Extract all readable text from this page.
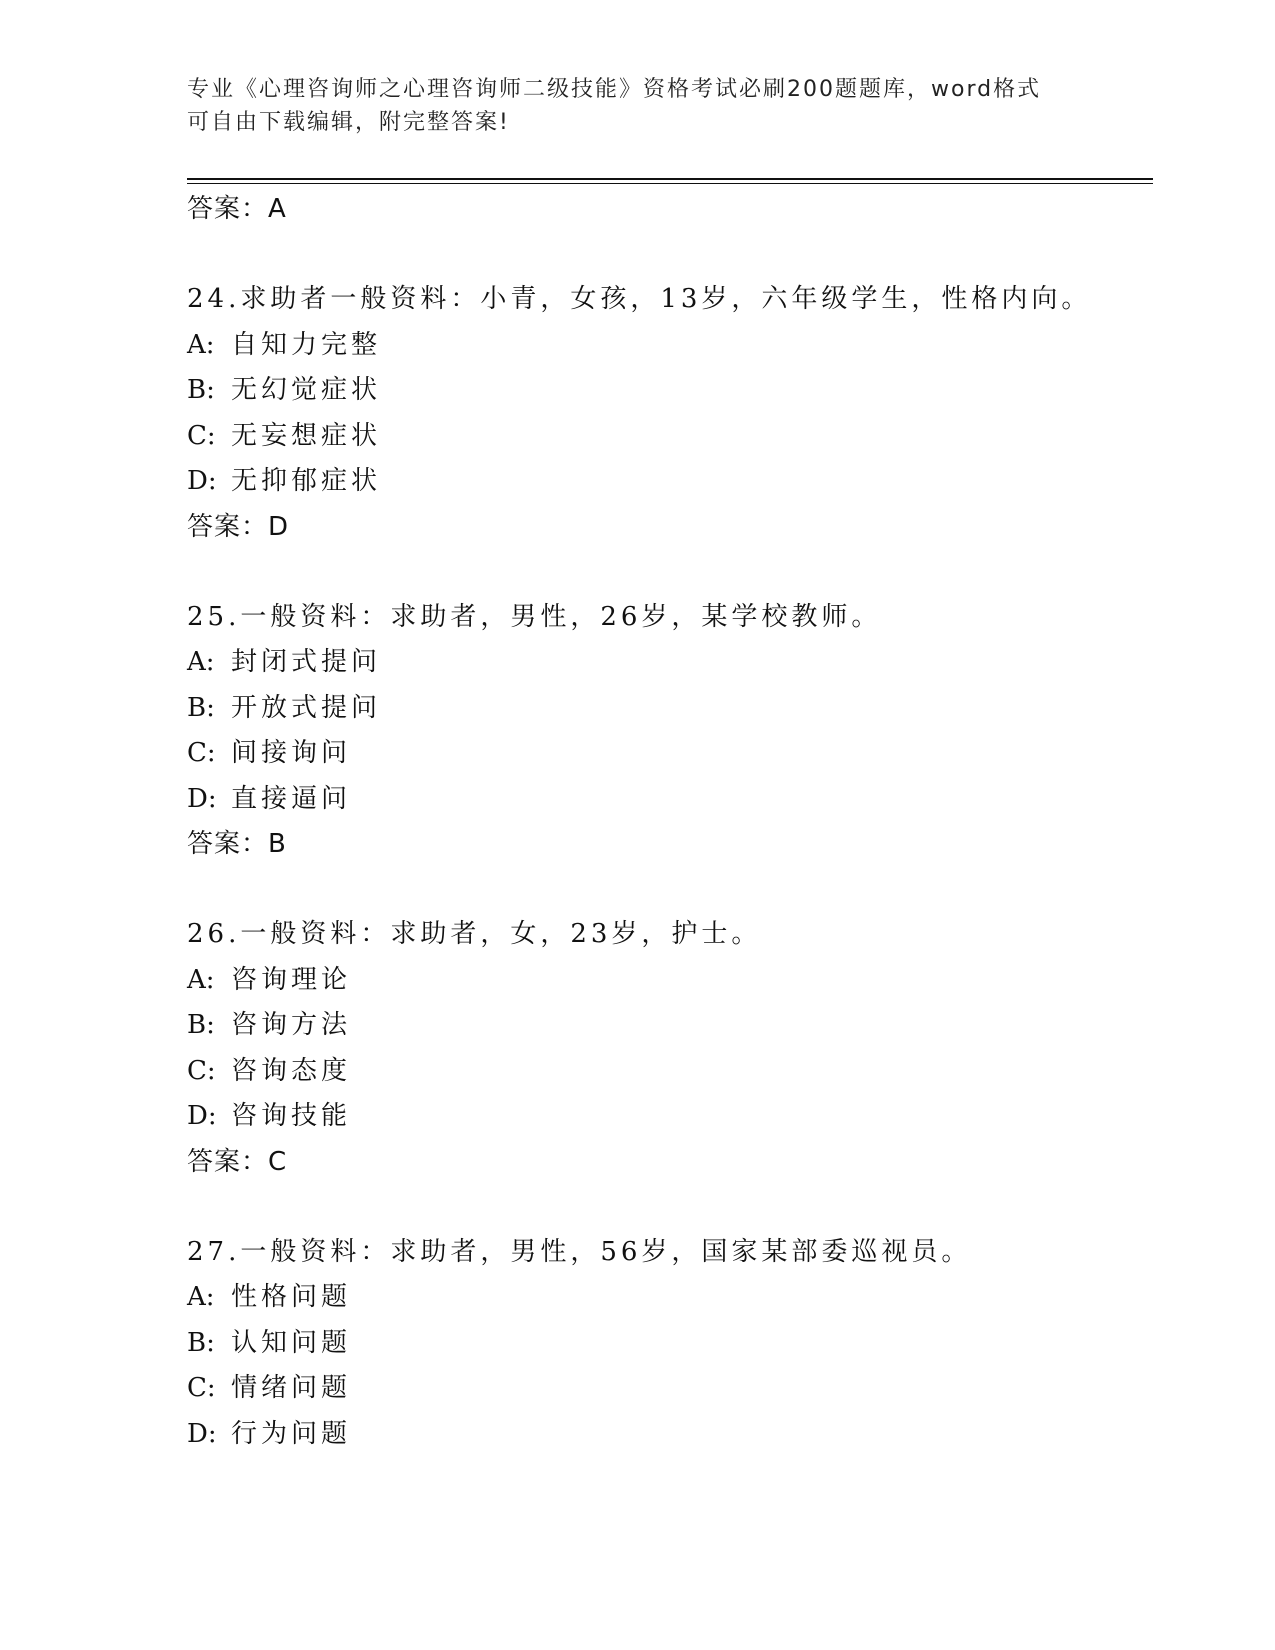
专业《心理咨询师之心理咨询师二级技能》资格考试必刷200题题库，word格式
可自由下载编辑，附完整答案!
答案：A
24.求助者一般资料：小青，女孩，13岁，六年级学生，性格内向。
A: 自知力完整
B: 无幻觉症状
C: 无妄想症状
D: 无抑郁症状
答案：D
25.一般资料：求助者，男性，26岁，某学校教师。
A: 封闭式提问
B: 开放式提问
C: 间接询问
D: 直接逼问
答案：B
26.一般资料：求助者，女，23岁，护士。
A: 咨询理论
B: 咨询方法
C: 咨询态度
D: 咨询技能
答案：C
27.一般资料：求助者，男性，56岁，国家某部委巡视员。
A: 性格问题
B: 认知问题
C: 情绪问题
D: 行为问题
